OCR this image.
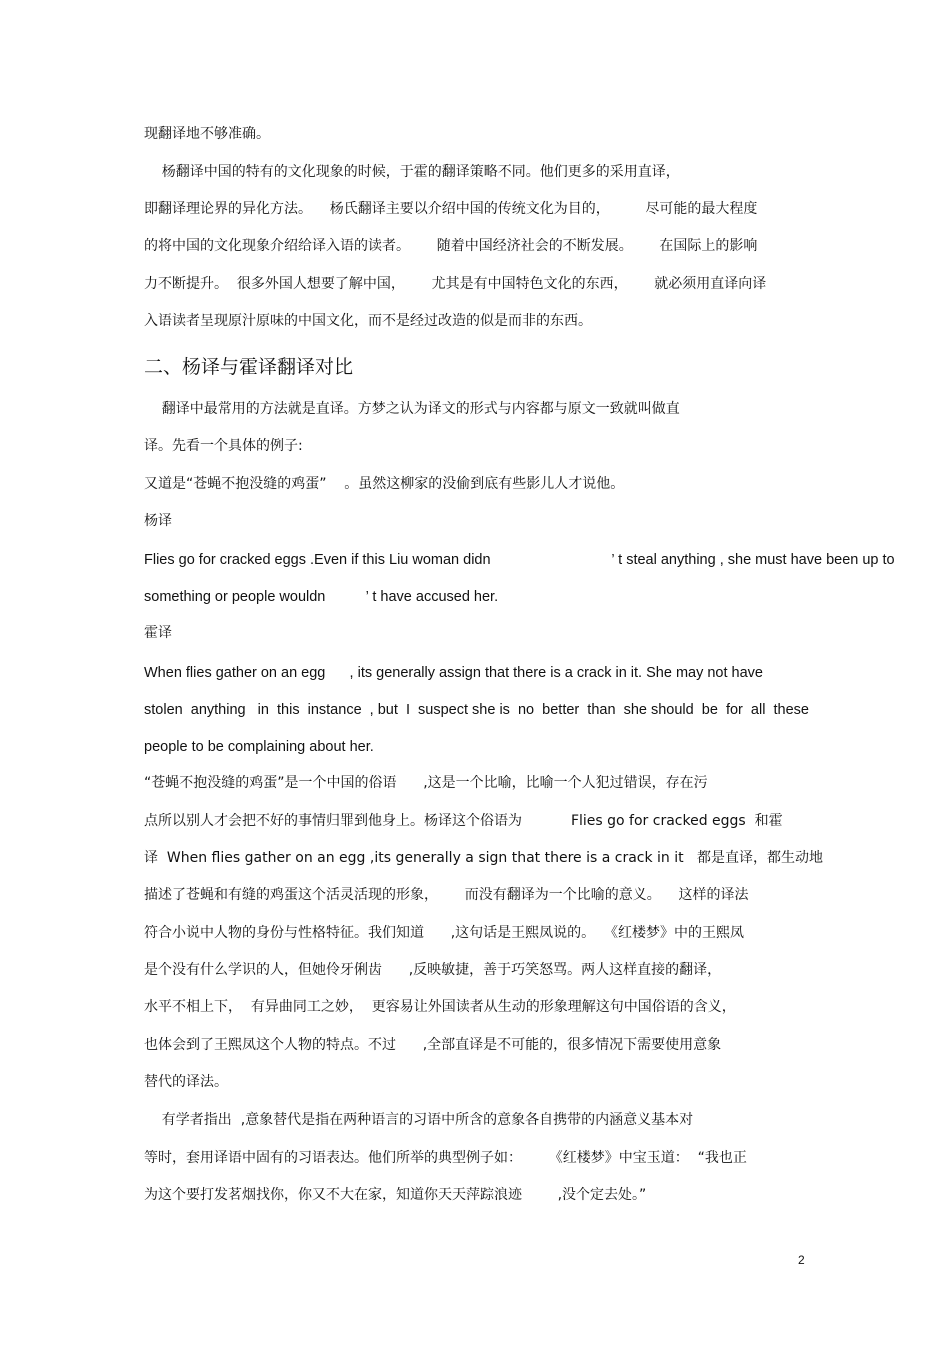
现翻译地不够准确。
杨翻译中国的特有的文化现象的时候，于霍的翻译策略不同。他们更多的采用直译，
即翻译理论界的异化方法。    杨氏翻译主要以介绍中国的传统文化为目的，        尽可能的最大程度
的将中国的文化现象介绍给译入语的读者。      随着中国经济社会的不断发展。      在国际上的影响
力不断提升。  很多外国人想要了解中国，      尤其是有中国特色文化的东西，      就必须用直译向译
入语读者呈现原汁原味的中国文化，而不是经过改造的似是而非的东西。
二、杨译与霍译翻译对比
翻译中最常用的方法就是直译。方梦之认为译文的形式与内容都与原文一致就叫做直
译。先看一个具体的例子:
又道是“苍蝇不抱没缝的鸡蛋”    。虽然这柳家的没偷到底有些影儿人才说他。
杨译
Flies go for cracked eggs .Even if this Liu woman didn                              ’ t steal anything , she must have been up to
something or people wouldn          ’ t have accused her.
霍译
When flies gather on an egg      , its generally assign that there is a crack in it. She may not have
stolen  anything   in  this  instance  , but  I  suspect she is  no  better  than  she should  be  for  all  these
people to be complaining about her.
“苍蝇不抱没缝的鸡蛋”是一个中国的俗语      ,这是一个比喻，比喻一个人犯过错误，存在污
点所以别人才会把不好的事情归罪到他身上。杨译这个俗语为           Flies go for cracked eggs  和霍
译  When flies gather on an egg ,its generally a sign that there is a crack in it   都是直译，都生动地
描述了苍蝇和有缝的鸡蛋这个活灵活现的形象，      而没有翻译为一个比喻的意义。    这样的译法
符合小说中人物的身份与性格特征。我们知道      ,这句话是王熙凤说的。  《红楼梦》中的王熙凤
是个没有什么学识的人，但她伶牙俐齿      ,反映敏捷，善于巧笑怒骂。两人这样直接的翻译，
水平不相上下，  有异曲同工之妙，  更容易让外国读者从生动的形象理解这句中国俗语的含义，
也体会到了王熙凤这个人物的特点。不过      ,全部直译是不可能的，很多情况下需要使用意象
替代的译法。
有学者指出  ,意象替代是指在两种语言的习语中所含的意象各自携带的内涵意义基本对
等时，套用译语中固有的习语表达。他们所举的典型例子如：      《红楼梦》中宝玉道：  “我也正
为这个要打发茗烟找你，你又不大在家，知道你天天萍踪浪迹        ,没个定去处。”
2
